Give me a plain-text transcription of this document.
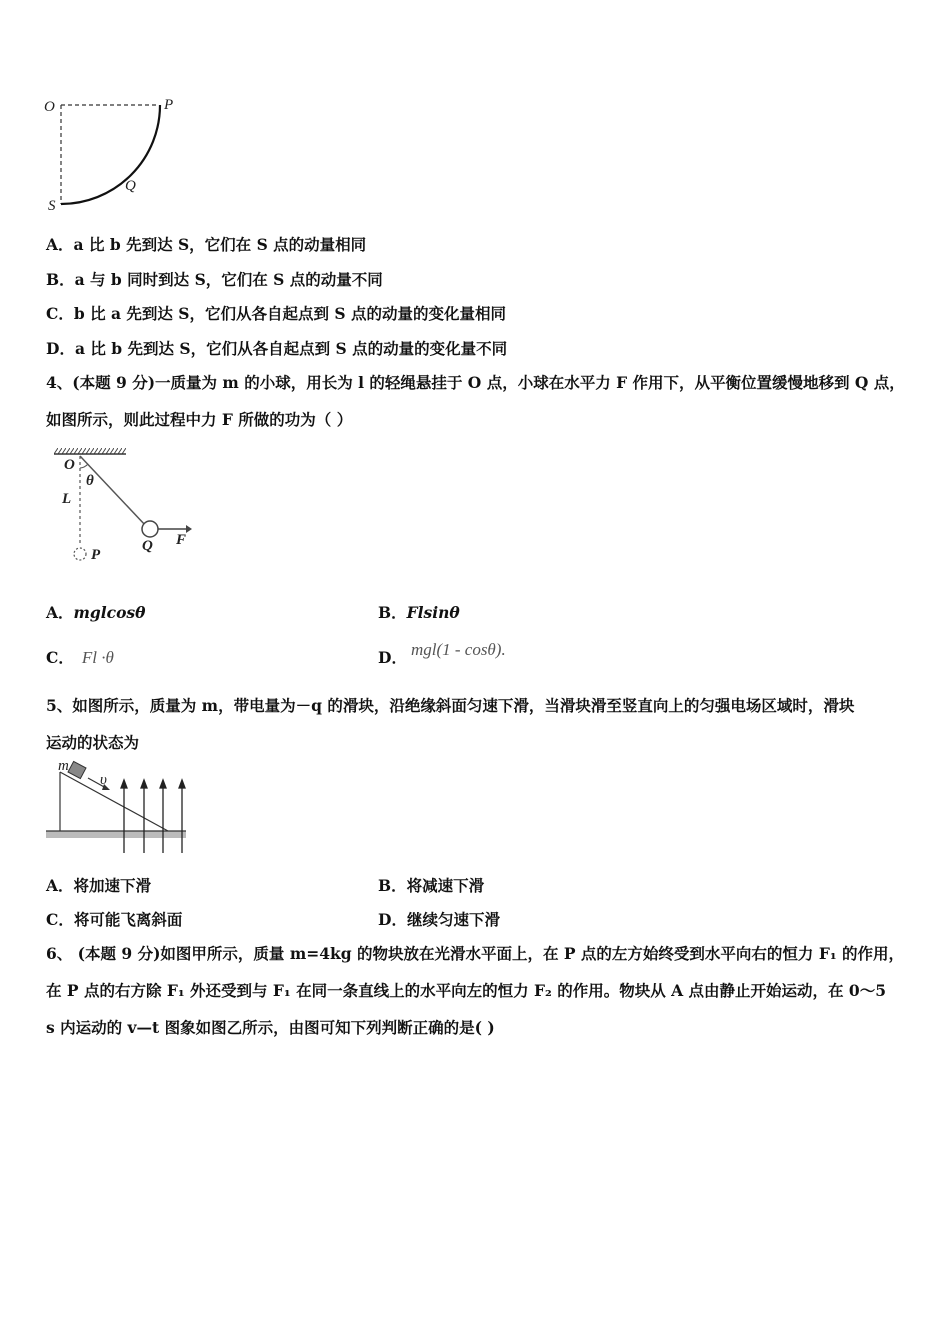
O	P
Q
S
A．a 比 b 先到达 S，它们在 S 点的动量相同
B．a 与 b 同时到达 S，它们在 S 点的动量不同
C．b 比 a 先到达 S，它们从各自起点到 S 点的动量的变化量相同
D．a 比 b 先到达 S，它们从各自起点到 S 点的动量的变化量不同
4、(本题 9 分)一质量为 m 的小球，用长为 l 的轻绳悬挂于 O 点，小球在水平力 F 作用下，从平衡位置缓慢地移到 Q 点，
如图所示，则此过程中力 F 所做的功为（ ）
O
θ
L
Q F
P
A．mglcosθ	B．Flsinθ
C． Fl ·θ	D． mgl(1 - cosθ).
5、如图所示，质量为 m，带电量为－q 的滑块，沿绝缘斜面匀速下滑，当滑块滑至竖直向上的匀强电场区域时，滑块
运动的状态为
m
υ
A．将加速下滑	B．将减速下滑
C．将可能飞离斜面	D．继续匀速下滑
6、 (本题 9 分)如图甲所示，质量 m=4kg 的物块放在光滑水平面上，在 P 点的左方始终受到水平向右的恒力 F₁ 的作用，
在 P 点的右方除 F₁ 外还受到与 F₁ 在同一条直线上的水平向左的恒力 F₂ 的作用。物块从 A 点由静止开始运动，在 0～5
s 内运动的 v—t 图象如图乙所示，由图可知下列判断正确的是( )
